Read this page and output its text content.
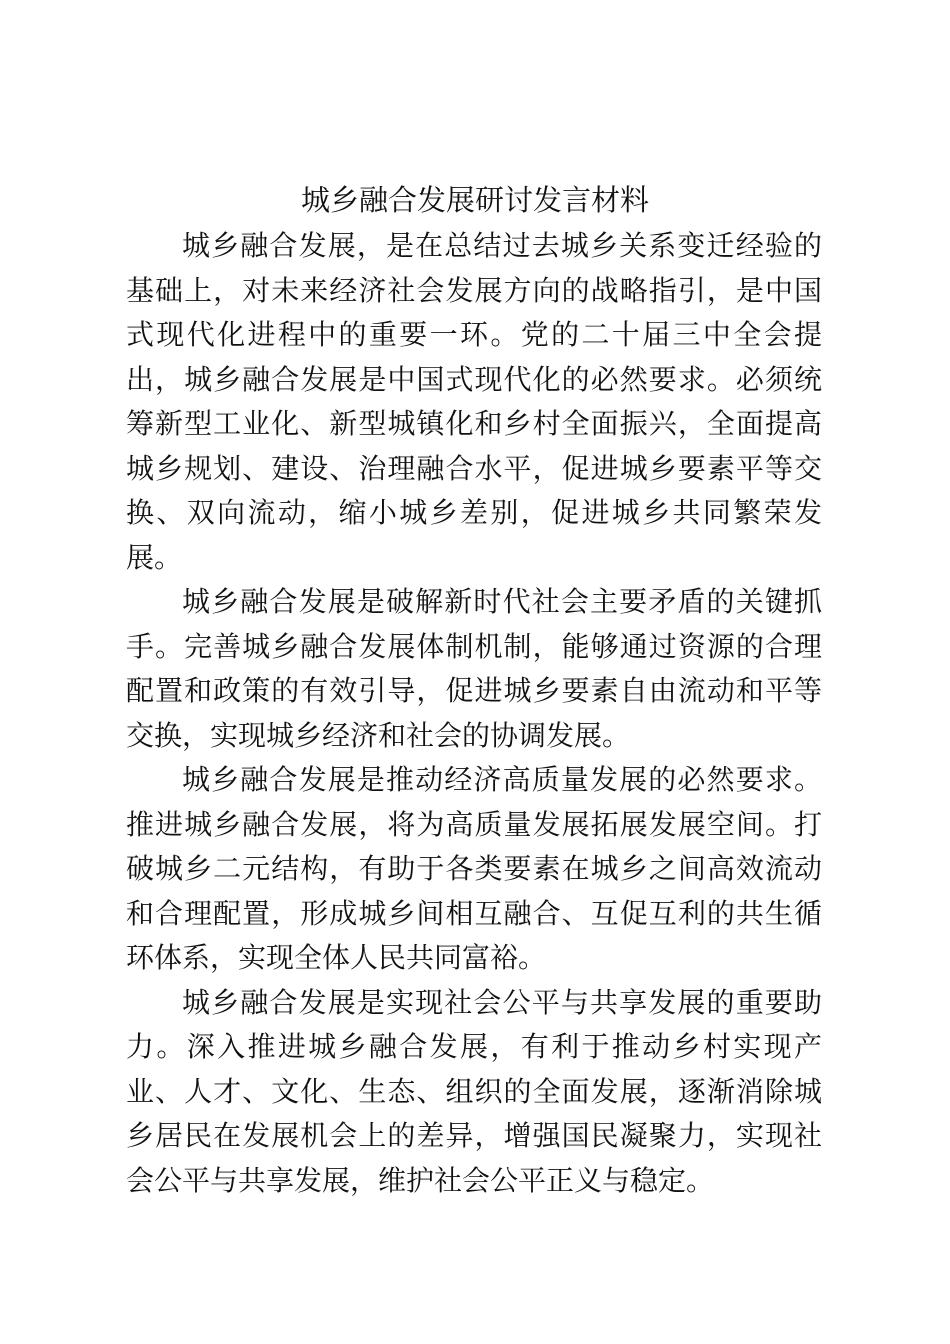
城乡融合发展研讨发言材料

城乡融合发展，是在总结过去城乡关系变迁经验的基础上，对未来经济社会发展方向的战略指引，是中国式现代化进程中的重要一环。党的二十届三中全会提出，城乡融合发展是中国式现代化的必然要求。必须统筹新型工业化、新型城镇化和乡村全面振兴，全面提高城乡规划、建设、治理融合水平，促进城乡要素平等交换、双向流动，缩小城乡差别，促进城乡共同繁荣发展。

城乡融合发展是破解新时代社会主要矛盾的关键抓手。完善城乡融合发展体制机制，能够通过资源的合理配置和政策的有效引导，促进城乡要素自由流动和平等交换，实现城乡经济和社会的协调发展。

城乡融合发展是推动经济高质量发展的必然要求。推进城乡融合发展，将为高质量发展拓展发展空间。打破城乡二元结构，有助于各类要素在城乡之间高效流动和合理配置，形成城乡间相互融合、互促互利的共生循环体系，实现全体人民共同富裕。

城乡融合发展是实现社会公平与共享发展的重要助力。深入推进城乡融合发展，有利于推动乡村实现产业、人才、文化、生态、组织的全面发展，逐渐消除城乡居民在发展机会上的差异，增强国民凝聚力，实现社会公平与共享发展，维护社会公平正义与稳定。
